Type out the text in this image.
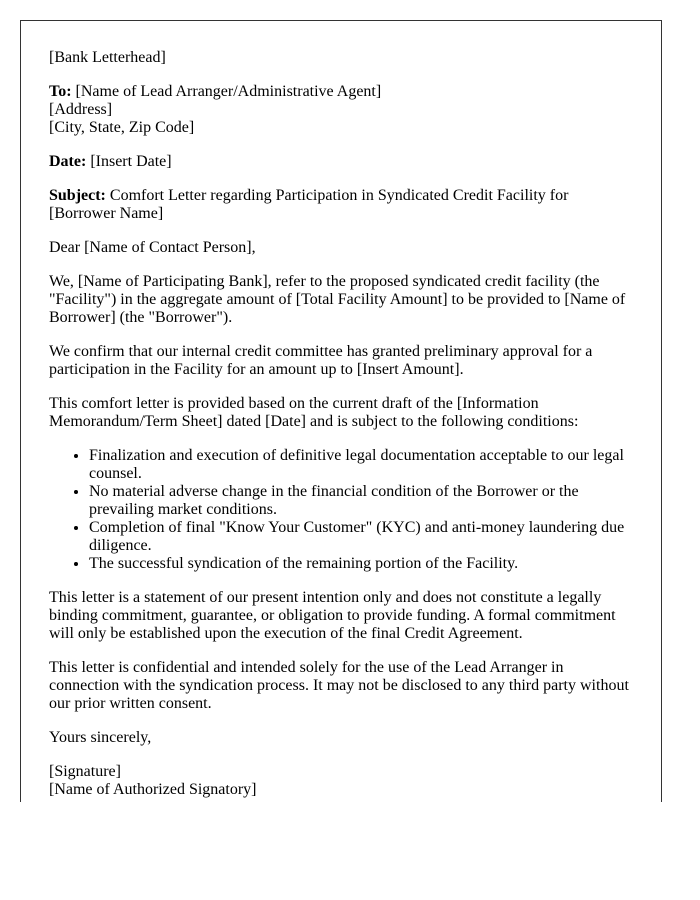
[Bank Letterhead]

To: [Name of Lead Arranger/Administrative Agent]
[Address]
[City, State, Zip Code]

Date: [Insert Date]

Subject: Comfort Letter regarding Participation in Syndicated Credit Facility for [Borrower Name]

Dear [Name of Contact Person],

We, [Name of Participating Bank], refer to the proposed syndicated credit facility (the "Facility") in the aggregate amount of [Total Facility Amount] to be provided to [Name of Borrower] (the "Borrower").

We confirm that our internal credit committee has granted preliminary approval for a participation in the Facility for an amount up to [Insert Amount].

This comfort letter is provided based on the current draft of the [Information Memorandum/Term Sheet] dated [Date] and is subject to the following conditions:

• Finalization and execution of definitive legal documentation acceptable to our legal counsel.
• No material adverse change in the financial condition of the Borrower or the prevailing market conditions.
• Completion of final "Know Your Customer" (KYC) and anti-money laundering due diligence.
• The successful syndication of the remaining portion of the Facility.

This letter is a statement of our present intention only and does not constitute a legally binding commitment, guarantee, or obligation to provide funding. A formal commitment will only be established upon the execution of the final Credit Agreement.

This letter is confidential and intended solely for the use of the Lead Arranger in connection with the syndication process. It may not be disclosed to any third party without our prior written consent.

Yours sincerely,

[Signature]
[Name of Authorized Signatory]
